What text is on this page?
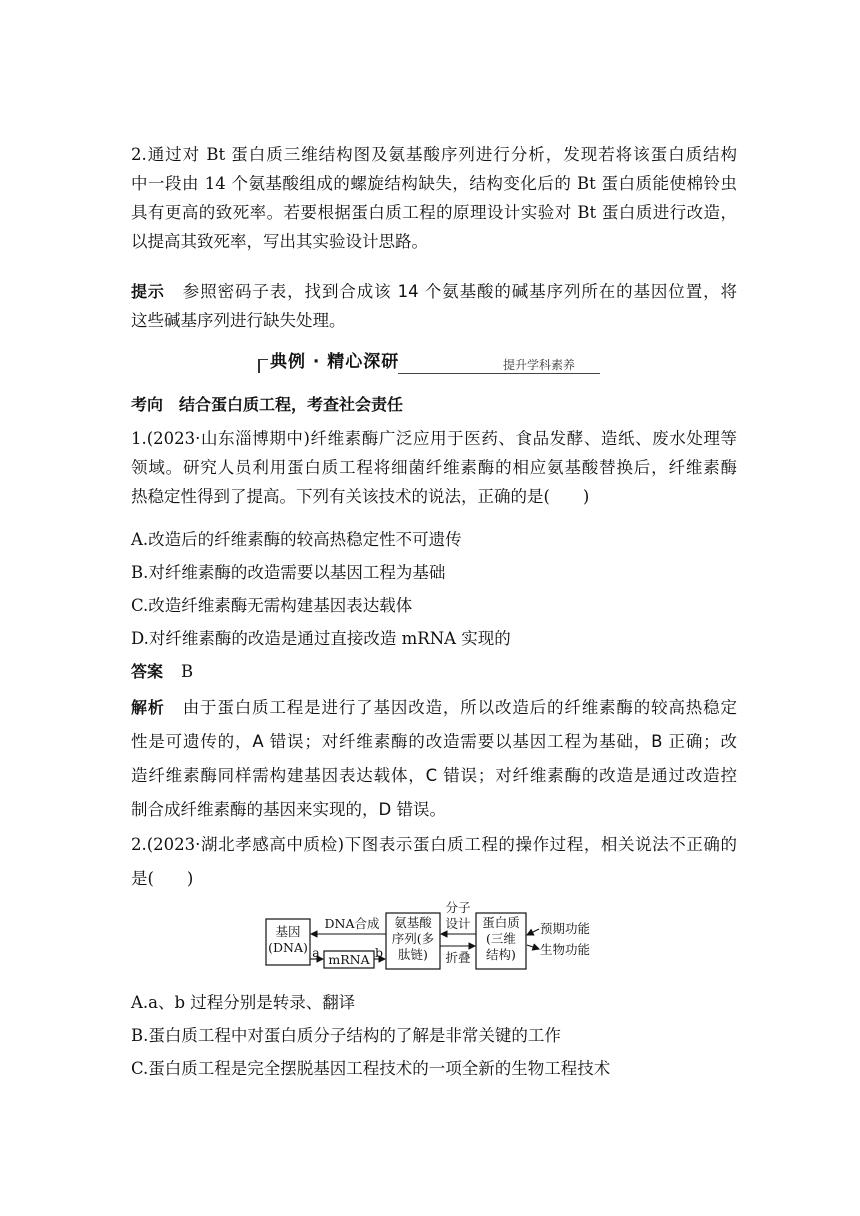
2.通过对 Bt 蛋白质三维结构图及氨基酸序列进行分析，发现若将该蛋白质结构
中一段由 14 个氨基酸组成的螺旋结构缺失，结构变化后的 Bt 蛋白质能使棉铃虫
具有更高的致死率。若要根据蛋白质工程的原理设计实验对 Bt 蛋白质进行改造，
以提高其致死率，写出其实验设计思路。
提示 参照密码子表，找到合成该 14 个氨基酸的碱基序列所在的基因位置，将
这些碱基序列进行缺失处理。
典例 · 精心深研	提升学科素养
考向　结合蛋白质工程，考查社会责任
1.(2023·山东淄博期中)纤维素酶广泛应用于医药、食品发酵、造纸、废水处理等
领域。研究人员利用蛋白质工程将细菌纤维素酶的相应氨基酸替换后，纤维素酶
热稳定性得到了提高。下列有关该技术的说法，正确的是(　　)
A.改造后的纤维素酶的较高热稳定性不可遗传
B.对纤维素酶的改造需要以基因工程为基础
C.改造纤维素酶无需构建基因表达载体
D.对纤维素酶的改造是通过直接改造 mRNA 实现的
答案 B
解析 由于蛋白质工程是进行了基因改造，所以改造后的纤维素酶的较高热稳定
性是可遗传的，A 错误；对纤维素酶的改造需要以基因工程为基础，B 正确；改
造纤维素酶同样需构建基因表达载体，C 错误；对纤维素酶的改造是通过改造控
制合成纤维素酶的基因来实现的，D 错误。
2.(2023·湖北孝感高中质检)下图表示蛋白质工程的操作过程，相关说法不正确的
是(　　)
基因
(DNA)
DNA合成
a mRNA b
氨基酸
序列(多
肽链)
分子
设计
折叠
蛋白质
(三维
结构)
预期功能
生物功能
A.a、b 过程分别是转录、翻译
B.蛋白质工程中对蛋白质分子结构的了解是非常关键的工作
C.蛋白质工程是完全摆脱基因工程技术的一项全新的生物工程技术
